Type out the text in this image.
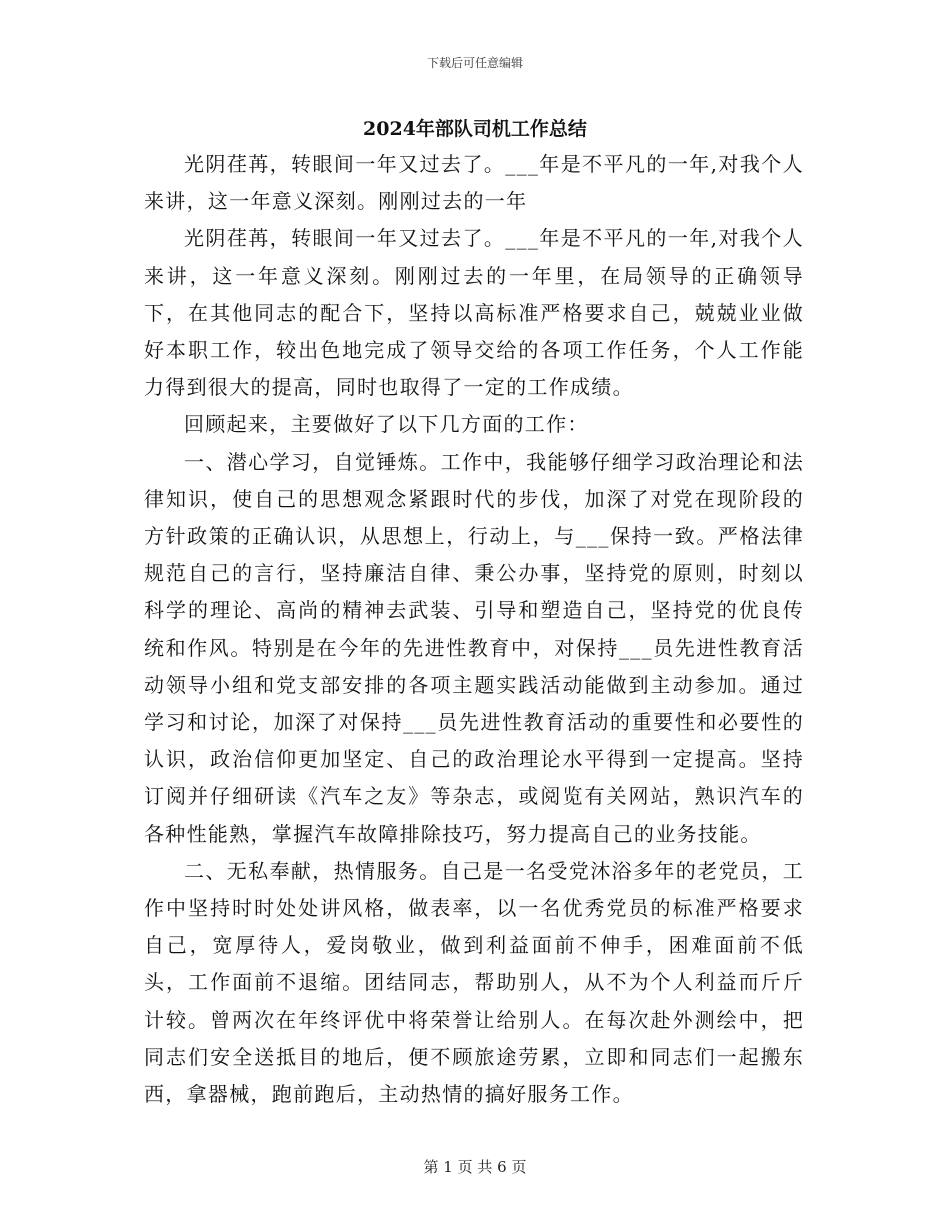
下载后可任意编辑
2024年部队司机工作总结

光阴荏苒，转眼间一年又过去了。___年是不平凡的一年,对我个人来讲，这一年意义深刻。刚刚过去的一年

光阴荏苒，转眼间一年又过去了。___年是不平凡的一年,对我个人来讲，这一年意义深刻。刚刚过去的一年里，在局领导的正确领导下，在其他同志的配合下，坚持以高标准严格要求自己，兢兢业业做好本职工作，较出色地完成了领导交给的各项工作任务，个人工作能力得到很大的提高，同时也取得了一定的工作成绩。

回顾起来，主要做好了以下几方面的工作：

一、潜心学习，自觉锤炼。工作中，我能够仔细学习政治理论和法律知识，使自己的思想观念紧跟时代的步伐，加深了对党在现阶段的方针政策的正确认识，从思想上，行动上，与___保持一致。严格法律规范自己的言行，坚持廉洁自律、秉公办事，坚持党的原则，时刻以科学的理论、高尚的精神去武装、引导和塑造自己，坚持党的优良传统和作风。特别是在今年的先进性教育中，对保持___员先进性教育活动领导小组和党支部安排的各项主题实践活动能做到主动参加。通过学习和讨论，加深了对保持___员先进性教育活动的重要性和必要性的认识，政治信仰更加坚定、自己的政治理论水平得到一定提高。坚持订阅并仔细研读《汽车之友》等杂志，或阅览有关网站，熟识汽车的各种性能熟，掌握汽车故障排除技巧，努力提高自己的业务技能。

二、无私奉献，热情服务。自己是一名受党沐浴多年的老党员，工作中坚持时时处处讲风格，做表率，以一名优秀党员的标准严格要求自己，宽厚待人，爱岗敬业，做到利益面前不伸手，困难面前不低头，工作面前不退缩。团结同志，帮助别人，从不为个人利益而斤斤计较。曾两次在年终评优中将荣誉让给别人。在每次赴外测绘中，把同志们安全送抵目的地后，便不顾旅途劳累，立即和同志们一起搬东西，拿器械，跑前跑后，主动热情的搞好服务工作。

第 1 页 共 6 页
